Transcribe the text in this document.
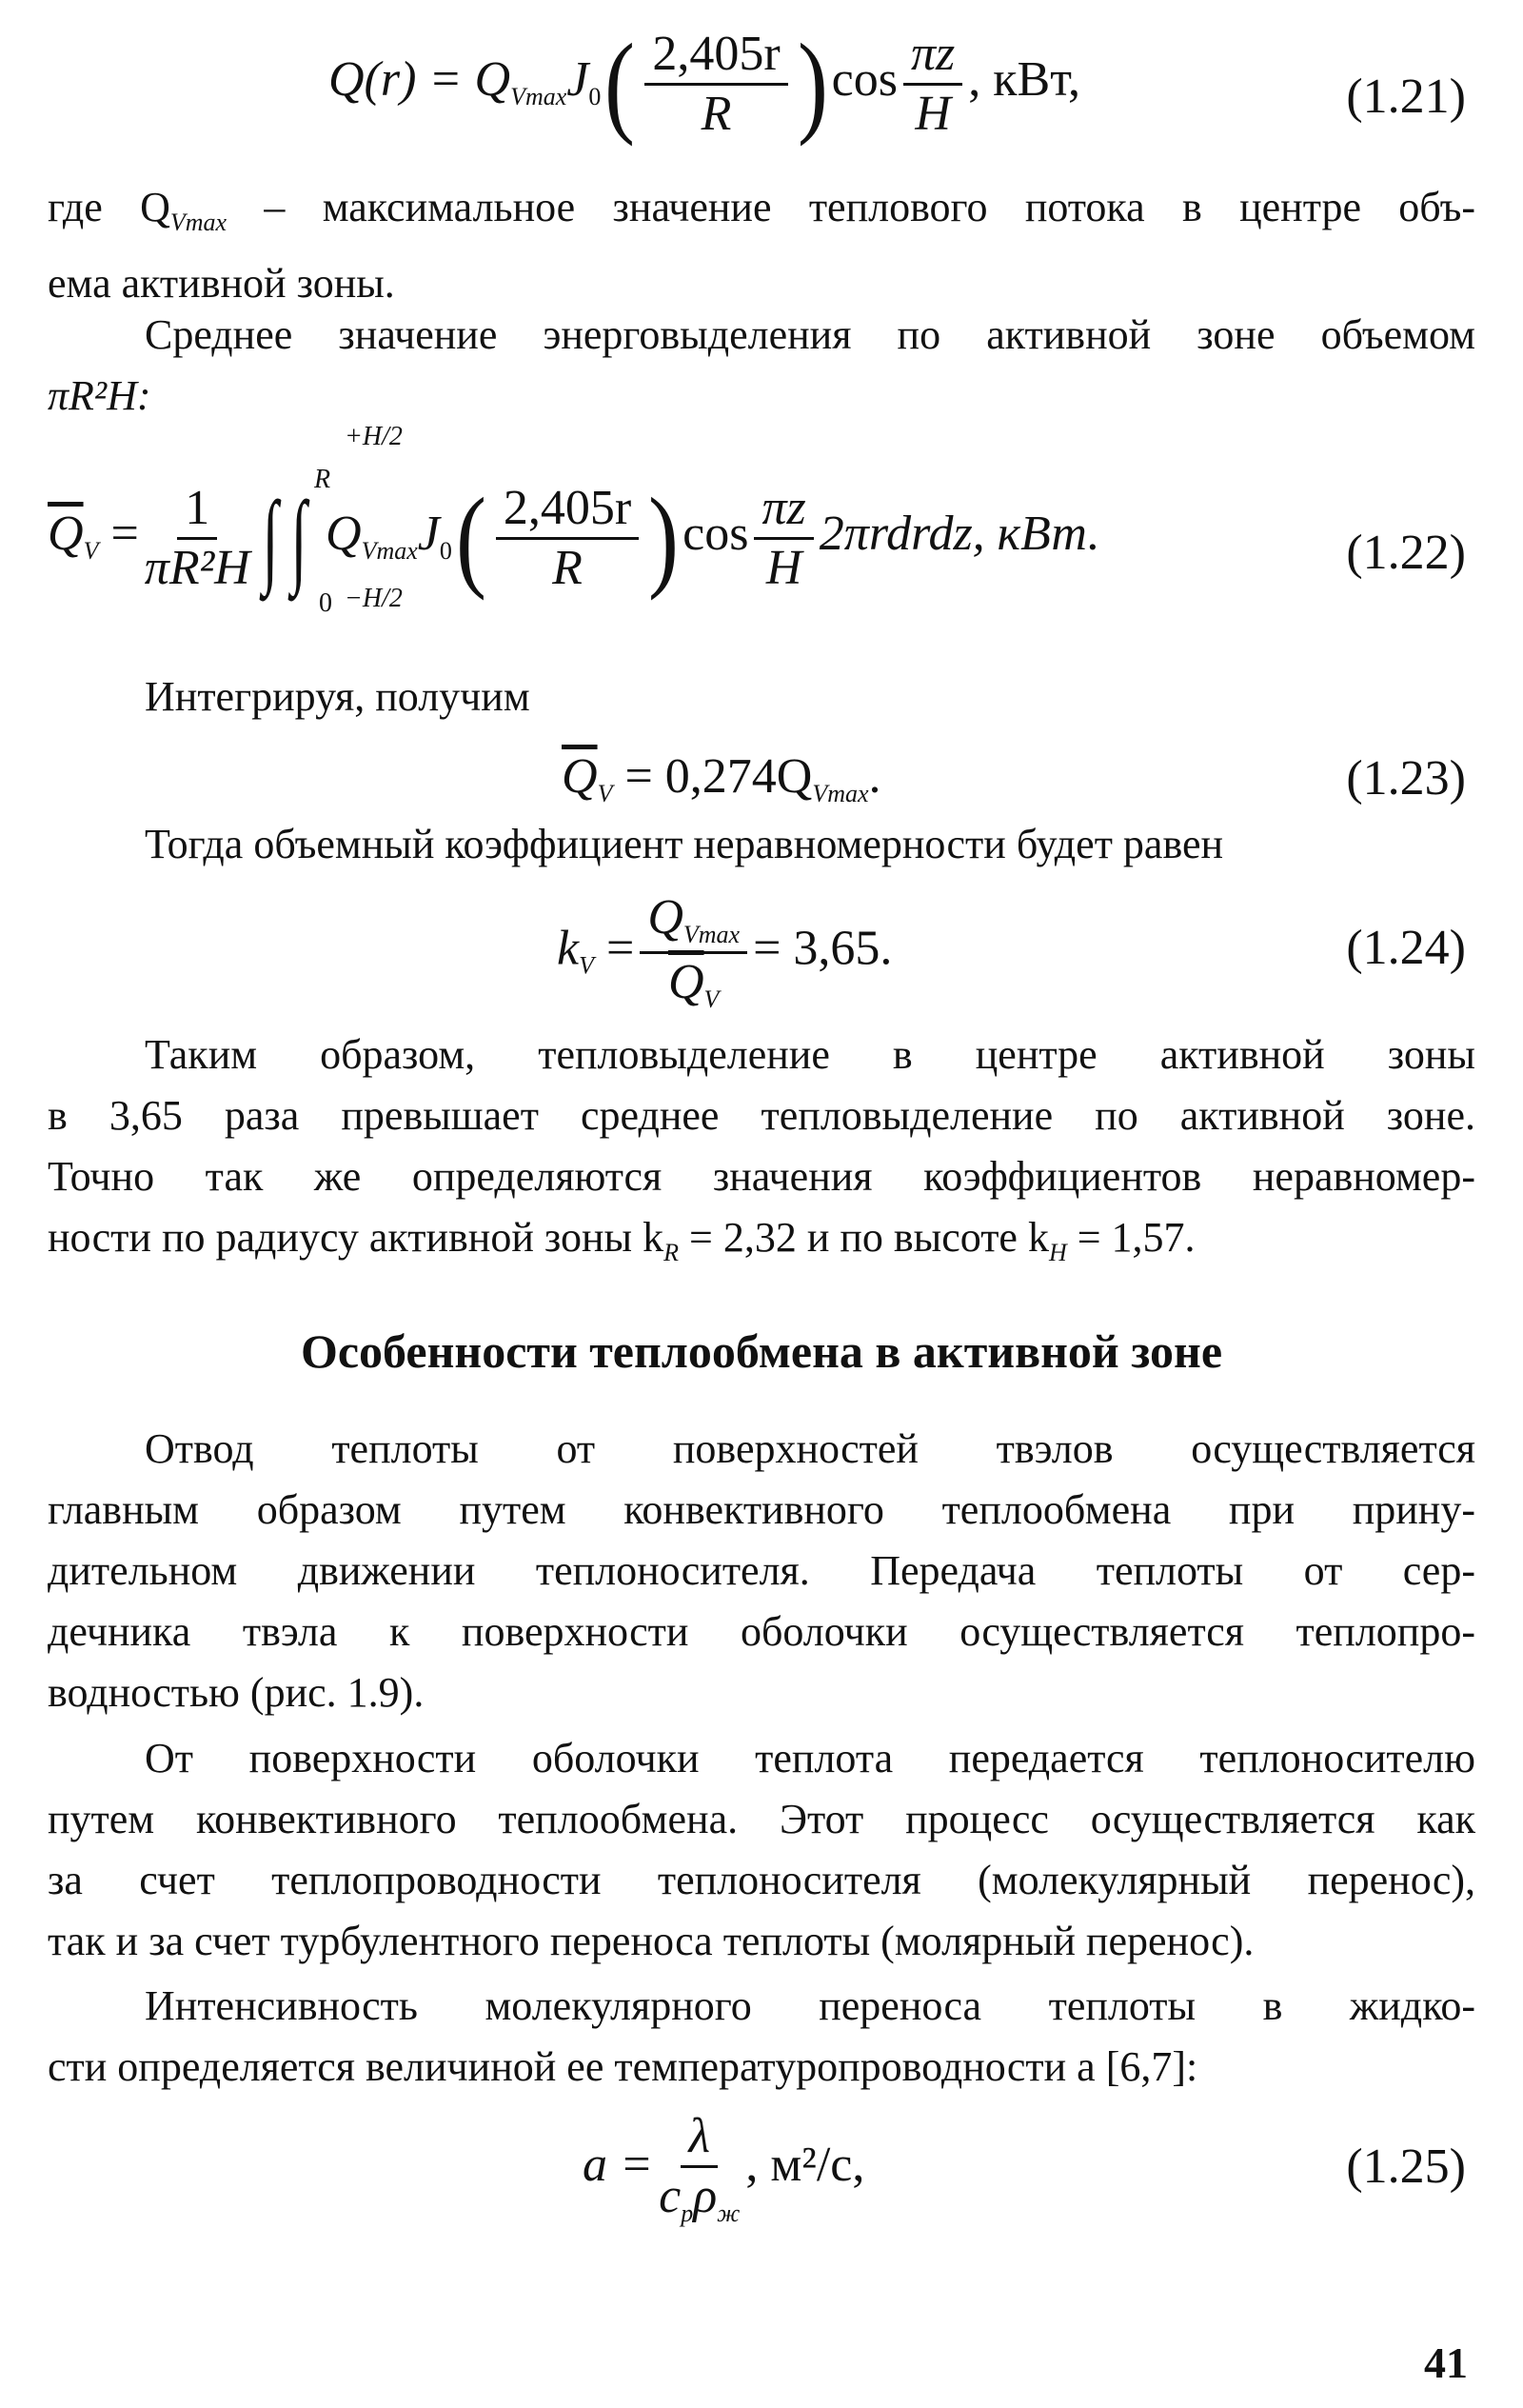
$Q(r) = Q_{Vmax}J_0( \frac{2,405r}{R} )\cos \frac{\pi z}{H}$ , кВт,	(1.21)
где $Q_{Vmax}$ – максимальное значение теплового потока в центре объ-
ема активной зоны.
Среднее значение энерговыделения по активной зоне объемом
πR²H:
$\overline{Q}_V = \frac{1}{\text{πR²H}}$ ∫ ∫ $Q_{Vmax}J_0( \frac{2,405r}{R} )\cos \frac{\pi z}{H}$ 2πrdrdz, кВт.
R
0
+H/2
−H/2
(1.22)
Интегрируя, получим
$\overline{Q}_V = 0,274Q_{Vmax}$.	(1.23)
Тогда объемный коэффициент неравномерности будет равен
$k_V = \frac{Q_{Vmax}}{\overline{Q}_V} = 3,65$.	(1.24)
Таким образом, тепловыделение в центре активной зоны
в 3,65 раза превышает среднее тепловыделение по активной зоне.
Точно так же определяются значения коэффициентов неравномер-
ности по радиусу активной зоны $k_R = 2,32$ и по высоте $k_H = 1,57$.
Особенности теплообмена в активной зоне
Отвод теплоты от поверхностей твэлов осуществляется
главным образом путем конвективного теплообмена при прину-
дительном движении теплоносителя. Передача теплоты от сер-
дечника твэла к поверхности оболочки осуществляется теплопро-
водностью (рис. 1.9).
От поверхности оболочки теплота передается теплоносителю
путем конвективного теплообмена. Этот процесс осуществляется как
за счет теплопроводности теплоносителя (молекулярный перенос),
так и за счет турбулентного переноса теплоты (молярный перенос).
Интенсивность молекулярного переноса теплоты в жидко-
сти определяется величиной ее температуропроводности a [6,7]:
$a = \frac{\lambda}{c_p\rho_ж}$ , м²/с,	(1.25)
41
